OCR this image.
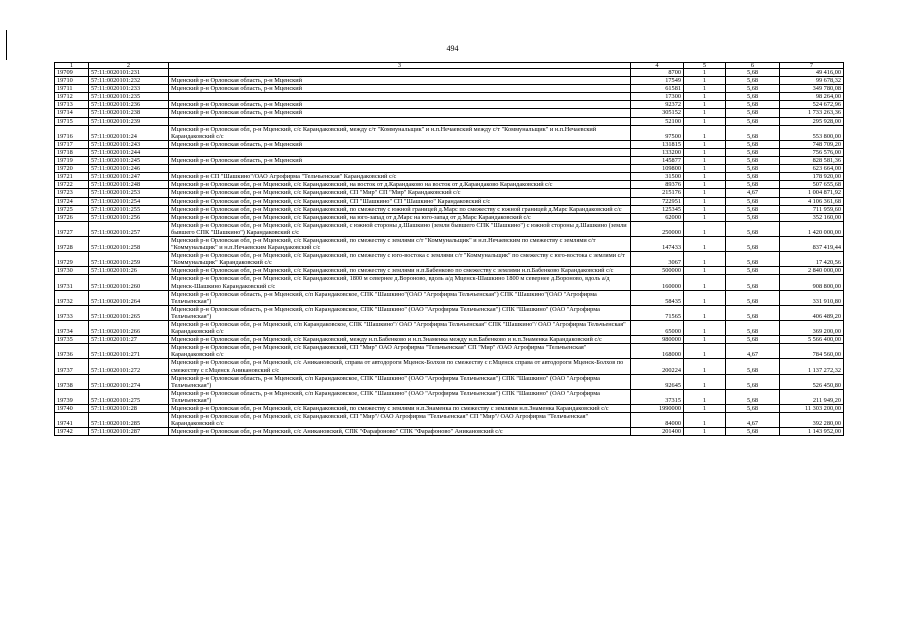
494
1	2	3	4	5	6	7
19709	57:11:0020101:231		8700	1	5,68	49 416,00
19710	57:11:0020101:232	Мценский р-н Орловская область, р-н Мценский	17549	1	5,68	99 678,32
19711	57:11:0020101:233	Мценский р-н Орловская область, р-н Мценский	61581	1	5,68	349 780,08
19712	57:11:0020101:235		17300	1	5,68	98 264,00
19713	57:11:0020101:236	Мценский р-н Орловская область, р-н Мценский	92372	1	5,68	524 672,96
19714	57:11:0020101:238	Мценский р-н Орловская область, р-н Мценский	305152	1	5,68	1 733 263,36
19715	57:11:0020101:239		52100	1	5,68	295 928,00
19716	57:11:0020101:24	Мценский р-н Орловская обл, р-н Мценский, с/с Карандаковский, между с/т "Коммунальщик" и н.п.Нечаевский между с/т "Коммунальщик" и н.п.Нечаевский Карандаковский с/с	97500	1	5,68	553 800,00
19717	57:11:0020101:243	Мценский р-н Орловская область, р-н Мценский	131815	1	5,68	748 709,20
19718	57:11:0020101:244		133200	1	5,68	756 576,00
19719	57:11:0020101:245	Мценский р-н Орловская область, р-н Мценский	145877	1	5,68	828 581,36
19720	57:11:0020101:246		109800	1	5,68	623 664,00
19721	57:11:0020101:247	Мценский р-н СП "Шашкино"/ОАО Агрофирма "Тельчьенская" Карандаковский с/с	31500	1	5,68	178 920,00
19722	57:11:0020101:248	Мценский р-н Орловская обл, р-н Мценский, с/с Карандаковский, на восток от д.Карандаково на восток от д.Карандаково Карандаковский с/с	89376	1	5,68	507 655,68
19723	57:11:0020101:253	Мценский р-н Орловская обл, р-н Мценский, с/с Карандаковский, СП "Мир" СП "Мир" Карандаковский с/с	215176	1	4,67	1 004 871,92
19724	57:11:0020101:254	Мценский р-н Орловская обл, р-н Мценский, с/с Карандаковский, СП "Шашкино" СП "Шашкино" Карандаковский с/с	722951	1	5,68	4 106 361,68
19725	57:11:0020101:255	Мценский р-н Орловская обл, р-н Мценский, с/с Карандаковский, по смежеству с южной границей д.Марс по смежеству с южной границей д.Марс Карандаковский с/с	125345	1	5,68	711 959,60
19726	57:11:0020101:256	Мценский р-н Орловская обл, р-н Мценский, с/с Карандаковский, на юго-запад от д.Марс на юго-запад от д.Марс Карандаковский с/с	62000	1	5,68	352 160,00
19727	57:11:0020101:257	Мценский р-н Орловская обл, р-н Мценский, с/с Карандаковский, с южной стороны д.Шашкино (земли бывшего СПК "Шашкино") с южной стороны д.Шашкино (земли бывшего СПК "Шашкино") Карандаковский с/с	250000	1	5,68	1 420 000,00
19728	57:11:0020101:258	Мценский р-н Орловская обл, р-н Мценский, с/с Карандаковский, по смежеству с землями с/т "Коммунальщик" и н.п.Нечаевским по смежеству с землями с/т "Коммунальщик" и н.п.Нечаевским Карандаковский с/с	147433	1	5,68	837 419,44
19729	57:11:0020101:259	Мценский р-н Орловская обл, р-н Мценский, с/с Карандаковский, по смежеству с юго-востока с землями с/т "Коммунальщик" по смежеству с юго-востока с землями с/т "Коммунальщик" Карандаковский с/с	3067	1	5,68	17 420,56
19730	57:11:0020101:26	Мценский р-н Орловская обл, р-н Мценский, с/с Карандаковский, по смежеству с землями н.п.Бабенково по смежеству с землями н.п.Бабенково Карандаковский с/с	500000	1	5,68	2 840 000,00
19731	57:11:0020101:260	Мценский р-н Орловская обл, р-н Мценский, с/с Карандаковский, 1800 м севернее д.Вороново, вдоль а/д Мценск-Шашкино 1800 м севернее д.Вороново, вдоль а/д Мценск-Шашкино Карандаковский с/с	160000	1	5,68	908 800,00
19732	57:11:0020101:264	Мценский р-н Орловская область, р-н Мценский, с/п Карандаковское, СПК "Шашкино"(ОАО "Агрофирма Тельчьенская") СПК "Шашкино"(ОАО "Агрофирма Тельчьенская")	58435	1	5,68	331 910,80
19733	57:11:0020101:265	Мценский р-н Орловская область, р-н Мценский, с/п Карандаковское, СПК "Шашкино" (ОАО "Агрофирма Тельчьенская") СПК "Шашкино" (ОАО "Агрофирма Тельчьенская")	71565	1	5,68	406 489,20
19734	57:11:0020101:266	Мценский р-н Орловская обл, р-н Мценский, с/п Карандаковское, СПК "Шашкино"/ ОАО "Агрофирма Тельчьенская" СПК "Шашкино"/ ОАО "Агрофирма Тельчьенская" Карандаковский с/с	65000	1	5,68	369 200,00
19735	57:11:0020101:27	Мценский р-н Орловская обл, р-н Мценский, с/с Карандаковский, между н.п.Бабенково и н.п.Знаменка между н.п.Бабенково и н.п.Знаменка Карандаковский с/с	980000	1	5,68	5 566 400,00
19736	57:11:0020101:271	Мценский р-н Орловская обл, р-н Мценский, с/с Карандаковский, СП "Мир" ОАО Агрофирма "Тельчьенская" СП "Мир" /ОАО Агрофирма "Тельчьенская" Карандаковский с/с	168000	1	4,67	784 560,00
19737	57:11:0020101:272	Мценский р-н Орловская обл, р-н Мценский, с/с Аникановский, справа от автодороги Мценск-Болхов по смежеству с г.Мценск справа от автодороги Мценск-Болхов по смежеству с г.Мценск Аникановский с/с	200224	1	5,68	1 137 272,32
19738	57:11:0020101:274	Мценский р-н Орловская область, р-н Мценский, с/п Карандаковское, СПК "Шашкино" (ОАО "Агрофирма Тельчьенская") СПК "Шашкино" (ОАО "Агрофирма Тельчьенская")	92645	1	5,68	526 450,80
19739	57:11:0020101:275	Мценский р-н Орловская область, р-н Мценский, с/п Карандаковское, СПК "Шашкино" (ОАО "Агрофирма Тельчьенская") СПК "Шашкино" (ОАО "Агрофирма Тельчьенская")	37315	1	5,68	211 949,20
19740	57:11:0020101:28	Мценский р-н Орловская обл, р-н Мценский, с/с Карандаковский, по смежеству с землями н.п.Знаменка по смежеству с землями н.п.Знаменка Карандаковский с/с	1990000	1	5,68	11 303 200,00
19741	57:11:0020101:285	Мценский р-н Орловская обл, р-н Мценский, с/с Карандаковский, СП "Мир"/ ОАО Агрофирма "Тельчьенская" СП "Мир"/ ОАО Агрофирма "Тельчьенская" Карандаковский с/с	84000	1	4,67	392 280,00
19742	57:11:0020101:287	Мценский р-н Орловская обл, р-н Мценский, с/с Аникановский, СПК "Фарафоново" СПК "Фарафоново" Аникановский с/с	201400	1	5,68	1 143 952,00
